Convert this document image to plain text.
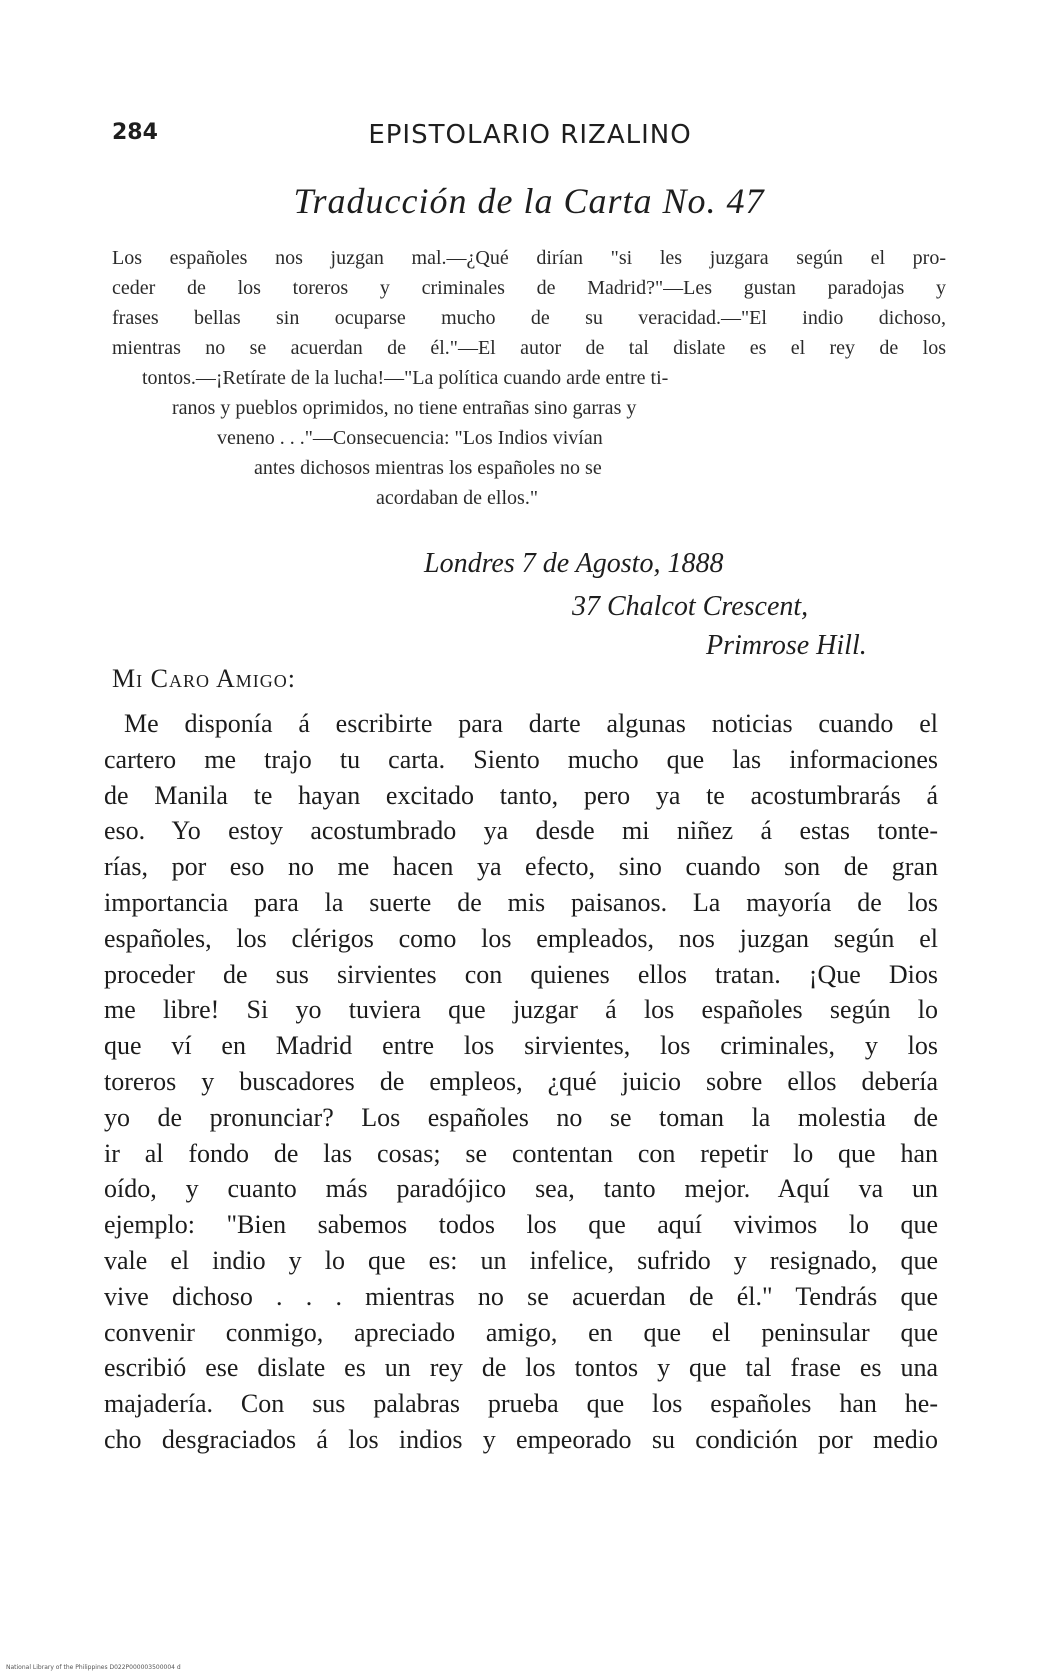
284	EPISTOLARIO RIZALINO
Traducción de la Carta No. 47
Los españoles nos juzgan mal.—¿Qué dirían "si les juzgara según el pro-
ceder de los toreros y criminales de Madrid?"—Les gustan paradojas y
frases bellas sin ocuparse mucho de su veracidad.—"El indio dichoso,
mientras no se acuerdan de él."—El autor de tal dislate es el rey de los
tontos.—¡Retírate de la lucha!—"La política cuando arde entre ti-
ranos y pueblos oprimidos, no tiene entrañas sino garras y
veneno . . ."—Consecuencia: "Los Indios vivían
antes dichosos mientras los españoles no se
acordaban de ellos."
Londres 7 de Agosto, 1888
37 Chalcot Crescent,
Primrose Hill.
Mi Caro Amigo:
Me disponía á escribirte para darte algunas noticias cuando el
cartero me trajo tu carta. Siento mucho que las informaciones
de Manila te hayan excitado tanto, pero ya te acostumbrarás á
eso. Yo estoy acostumbrado ya desde mi niñez á estas tonte-
rías, por eso no me hacen ya efecto, sino cuando son de gran
importancia para la suerte de mis paisanos. La mayoría de los
españoles, los clérigos como los empleados, nos juzgan según el
proceder de sus sirvientes con quienes ellos tratan. ¡Que Dios
me libre! Si yo tuviera que juzgar á los españoles según lo
que ví en Madrid entre los sirvientes, los criminales, y los
toreros y buscadores de empleos, ¿qué juicio sobre ellos debería
yo de pronunciar? Los españoles no se toman la molestia de
ir al fondo de las cosas; se contentan con repetir lo que han
oído, y cuanto más paradójico sea, tanto mejor. Aquí va un
ejemplo: "Bien sabemos todos los que aquí vivimos lo que
vale el indio y lo que es: un infelice, sufrido y resignado, que
vive dichoso . . . mientras no se acuerdan de él." Tendrás que
convenir conmigo, apreciado amigo, en que el peninsular que
escribió ese dislate es un rey de los tontos y que tal frase es una
majadería. Con sus palabras prueba que los españoles han he-
cho desgraciados á los indios y empeorado su condición por medio
National Library of the Philippines D022P000003500004 d
